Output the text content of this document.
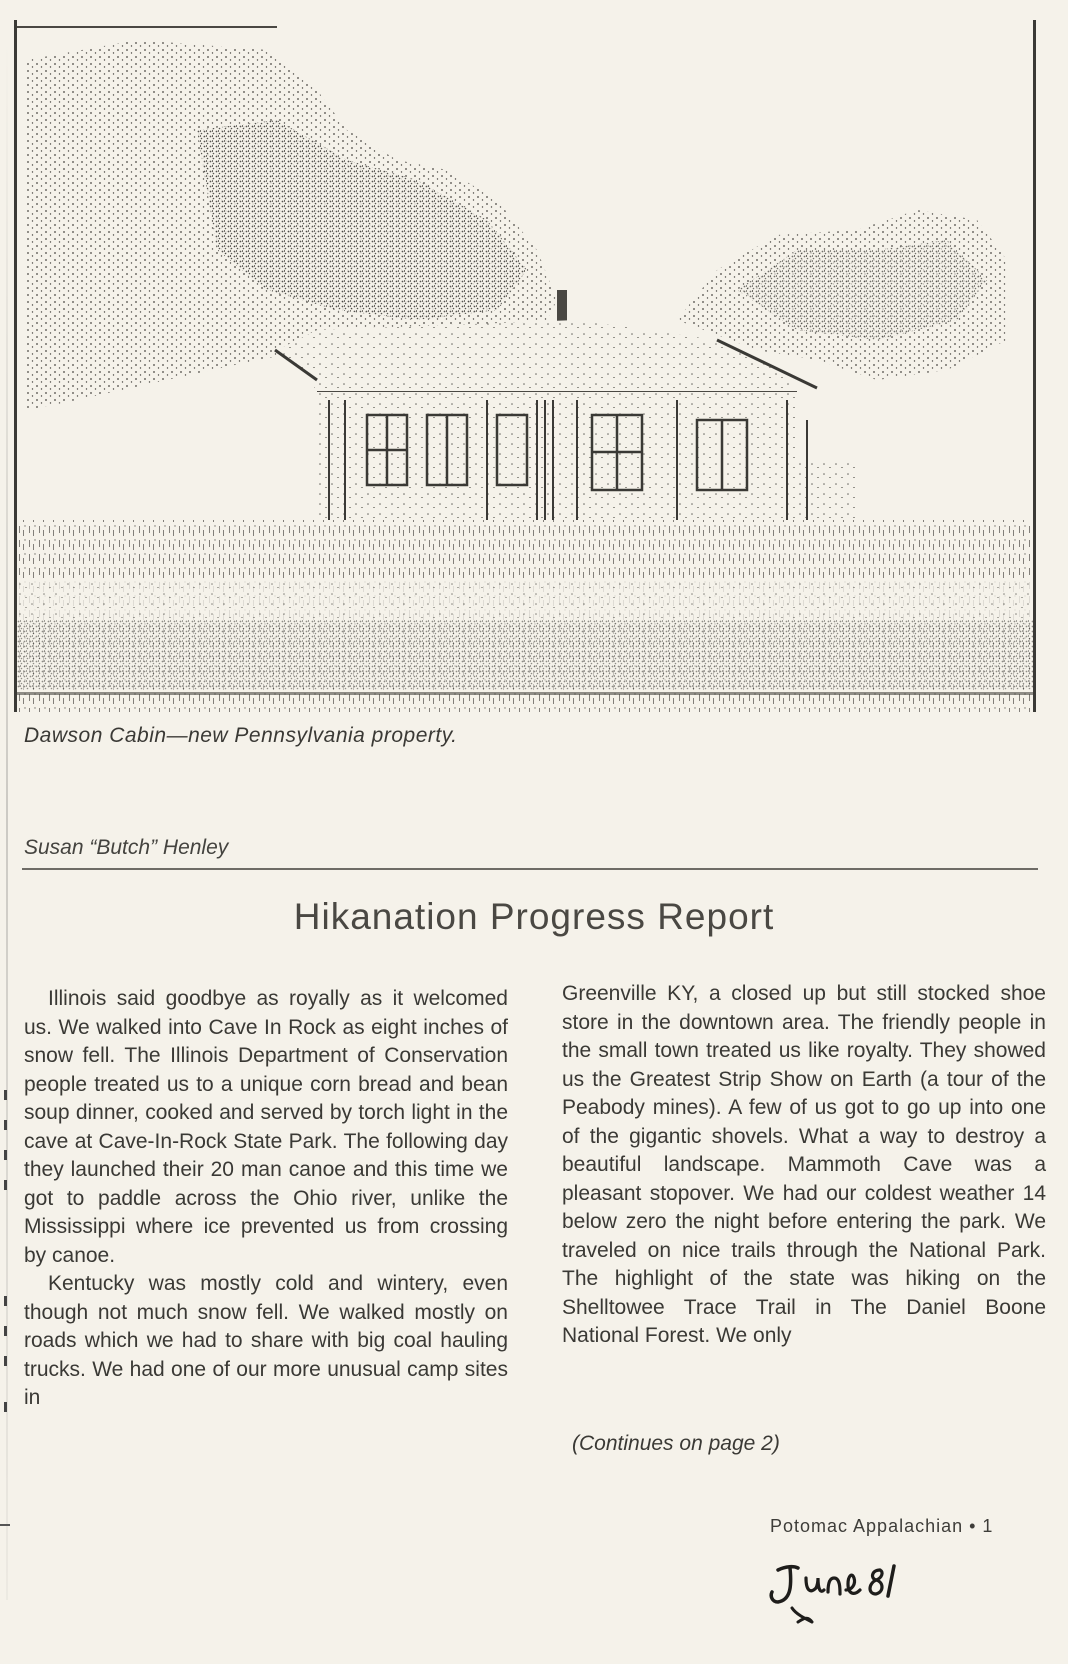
Dawson Cabin—new Pennsylvania property.
Susan “Butch” Henley
Hikanation Progress Report

Illinois said goodbye as royally as it welcomed us. We walked into Cave In Rock as eight inches of snow fell. The Illinois Department of Conservation people treated us to a unique corn bread and bean soup dinner, cooked and served by torch light in the cave at Cave-In-Rock State Park. The following day they launched their 20 man canoe and this time we got to paddle across the Ohio river, unlike the Mississippi where ice prevented us from crossing by canoe.

Kentucky was mostly cold and wintery, even though not much snow fell. We walked mostly on roads which we had to share with big coal hauling trucks. We had one of our more unusual camp sites in

Greenville KY, a closed up but still stocked shoe store in the downtown area. The friendly people in the small town treated us like royalty. They showed us the Greatest Strip Show on Earth (a tour of the Peabody mines). A few of us got to go up into one of the gigantic shovels. What a way to destroy a beautiful landscape. Mammoth Cave was a pleasant stopover. We had our coldest weather 14 below zero the night before entering the park. We traveled on nice trails through the National Park. The highlight of the state was hiking on the Shelltowee Trace Trail in The Daniel Boone National Forest. We only

(Continues on page 2)
Potomac Appalachian • 1
